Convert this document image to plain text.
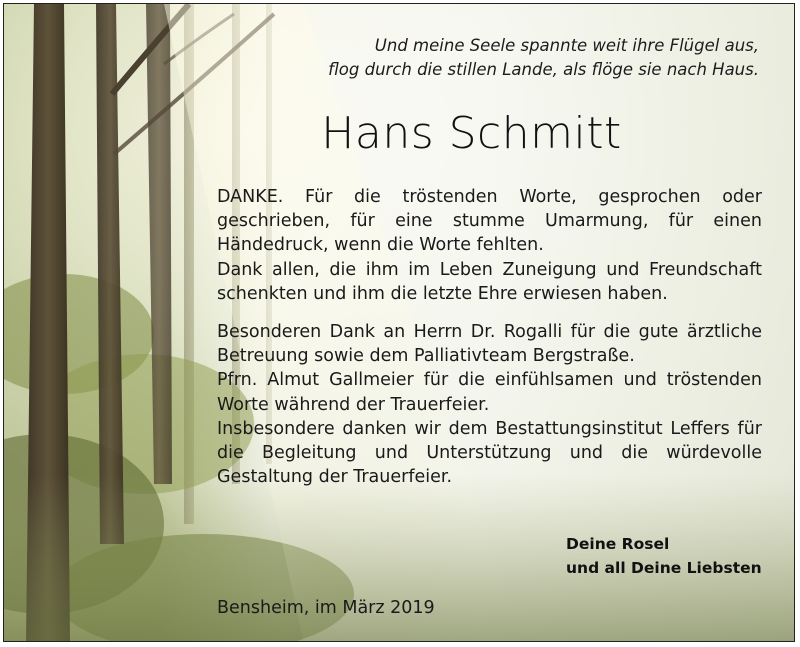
Und meine Seele spannte weit ihre Flügel aus,
flog durch die stillen Lande, als flöge sie nach Haus.
Hans Schmitt
DANKE. Für die tröstenden Worte, gesprochen oder
geschrieben, für eine stumme Umarmung, für einen
Händedruck, wenn die Worte fehlten.
Dank allen, die ihm im Leben Zuneigung und Freundschaft
schenkten und ihm die letzte Ehre erwiesen haben.
Besonderen Dank an Herrn Dr. Rogalli für die gute ärztliche
Betreuung sowie dem Palliativteam Bergstraße.
Pfrn. Almut Gallmeier für die einfühlsamen und tröstenden
Worte während der Trauerfeier.
Insbesondere danken wir dem Bestattungsinstitut Leffers für
die Begleitung und Unterstützung und die würdevolle
Gestaltung der Trauerfeier.
Deine Rosel
und all Deine Liebsten
Bensheim, im März 2019
